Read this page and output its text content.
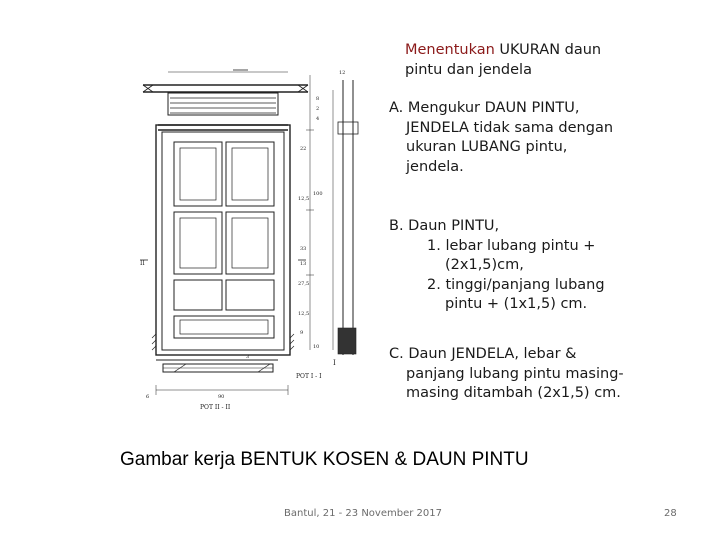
POT I - I
POT II - II
I
II
100
12
22
10
9
3
4
8
2
6	90
12,5
27,5
12,5
13
33
Menentukan UKURAN daun
pintu dan jendela
A. Mengukur DAUN PINTU,
JENDELA tidak sama dengan
ukuran LUBANG pintu,
jendela.
B. Daun PINTU,
1. lebar lubang pintu +
(2x1,5)cm,
2. tinggi/panjang lubang
pintu + (1x1,5) cm.
C. Daun JENDELA, lebar &
panjang lubang pintu masing-
masing ditambah (2x1,5) cm.
Gambar kerja BENTUK KOSEN & DAUN PINTU
Bantul, 21 - 23 November 2017	28
